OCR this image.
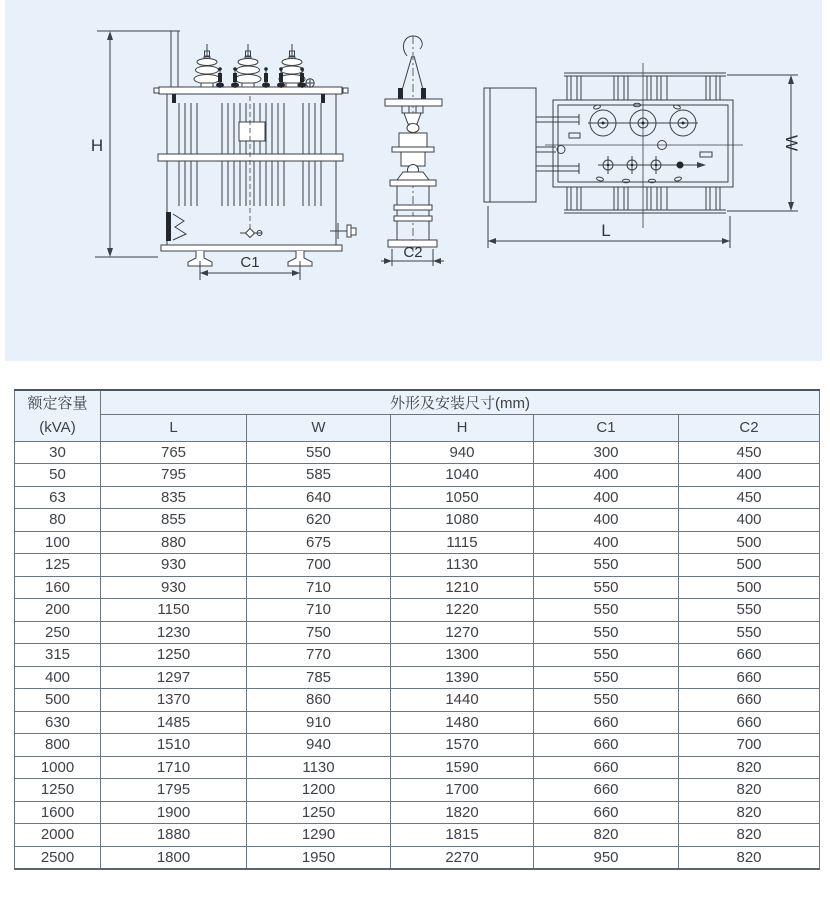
H
C1
C2
W
L
额定容量
(kVA)	外形及安装尺寸(mm)				
	L	W	H	C1	C2
30	765	550	940	300	450
50	795	585	1040	400	400
63	835	640	1050	400	450
80	855	620	1080	400	400
100	880	675	1115	400	500
125	930	700	1130	550	500
160	930	710	1210	550	500
200	1150	710	1220	550	550
250	1230	750	1270	550	550
315	1250	770	1300	550	660
400	1297	785	1390	550	660
500	1370	860	1440	550	660
630	1485	910	1480	660	660
800	1510	940	1570	660	700
1000	1710	1130	1590	660	820
1250	1795	1200	1700	660	820
1600	1900	1250	1820	660	820
2000	1880	1290	1815	820	820
2500	1800	1950	2270	950	820
